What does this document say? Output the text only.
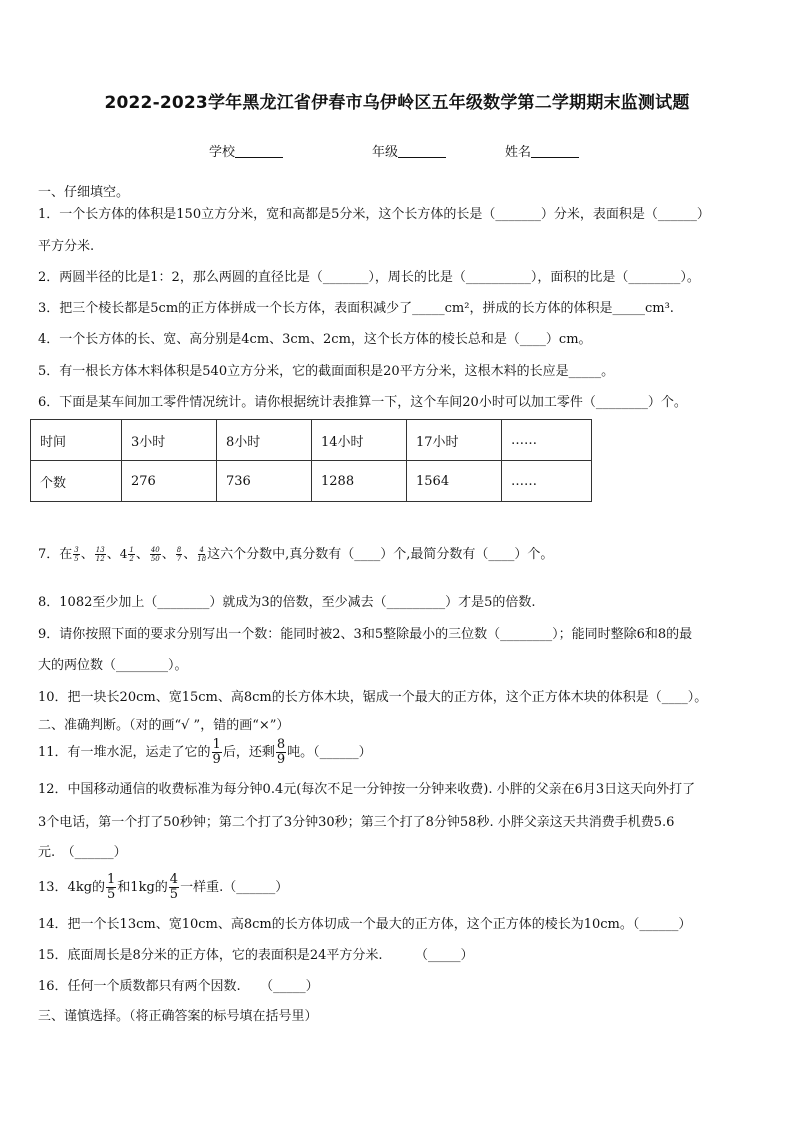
2022-2023学年黑龙江省伊春市乌伊岭区五年级数学第二学期期末监测试题
学校	年级	姓名
一、仔细填空。
1．一个长方体的体积是150立方分米，宽和高都是5分米，这个长方体的长是（_______）分米，表面积是（______）
平方分米.
2．两圆半径的比是1：2，那么两圆的直径比是（_______），周长的比是（__________），面积的比是（________）。
3．把三个棱长都是5cm的正方体拼成一个长方体，表面积减少了_____cm²，拼成的长方体的体积是_____cm³.
4．一个长方体的长、宽、高分别是4cm、3cm、2cm，这个长方体的棱长总和是（____）cm。
5．有一根长方体木料体积是540立方分米，它的截面面积是20平方分米，这根木料的长应是_____。
6．下面是某车间加工零件情况统计。请你根据统计表推算一下，这个车间20小时可以加工零件（________）个。
时间	3小时	8小时	14小时	17小时	……
个数	276	736	1288	1564	……
7．在 $\frac{3}{5}$ 、 $\frac{13}{12}$ 、$4 \frac{1}{2}$ 、 $\frac{40}{50}$ 、 $\frac{8}{7}$ 、 $\frac{4}{18}$ 这六个分数中,真分数有（____）个,最简分数有（____）个。
8．1082至少加上（________）就成为3的倍数，至少减去（_________）才是5的倍数.
9．请你按照下面的要求分别写出一个数：能同时被2、3和5整除最小的三位数（________）；能同时整除6和8的最
大的两位数（________）。
10．把一块长20cm、宽15cm、高8cm的长方体木块，锯成一个最大的正方体，这个正方体木块的体积是（____）。
二、准确判断。（对的画“√ ”，错的画“×”）
11．有一堆水泥，运走了它的 $\frac{1}{9}$ 后，还剩 $\frac{8}{9}$ 吨。（______）
12．中国移动通信的收费标准为每分钟0.4元(每次不足一分钟按一分钟来收费). 小胖的父亲在6月3日这天向外打了
3个电话，第一个打了50秒钟；第二个打了3分钟30秒；第三个打了8分钟58秒. 小胖父亲这天共消费手机费5.6
元.　（______）
13．4kg的 $\frac{1}{5}$ 和1kg的 $\frac{4}{5}$ 一样重.（______）
14．把一个长13cm、宽10cm、高8cm的长方体切成一个最大的正方体，这个正方体的棱长为10cm。（______）
15．底面周长是8分米的正方体，它的表面积是24平方分米.　　　（_____）
16．任何一个质数都只有两个因数.　　（_____）
三、谨慎选择。（将正确答案的标号填在括号里）
